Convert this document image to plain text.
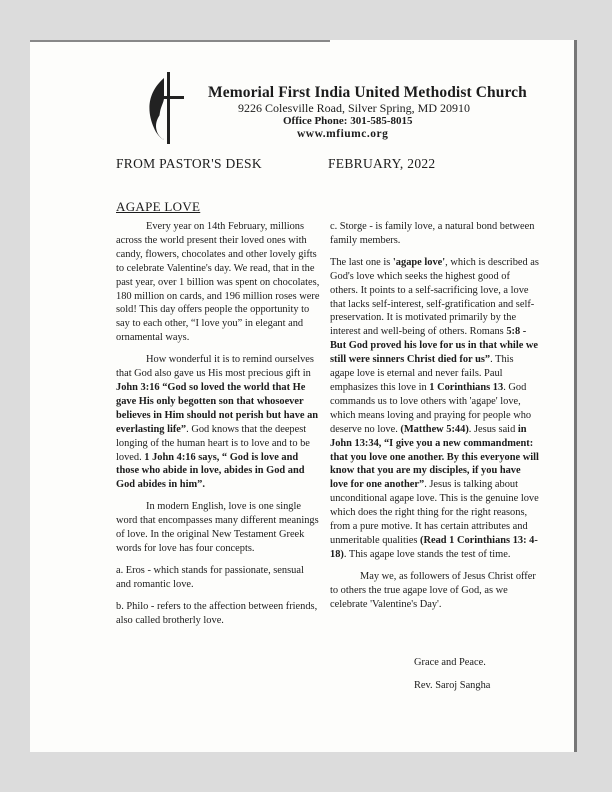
Memorial First India United Methodist Church
9226 Colesville Road, Silver Spring, MD 20910
Office Phone: 301-585-8015
www.mfiumc.org
FROM PASTOR'S DESK	FEBRUARY, 2022
AGAPE LOVE

Every year on 14th February, millions across the world present their loved ones with candy, flowers, chocolates and other lovely gifts to celebrate Valentine's day. We read, that in the past year, over 1 billion was spent on chocolates, 180 million on cards, and 196 million roses were sold! This day offers people the opportunity to say to each other, “I love you” in elegant and ornamental ways.

How wonderful it is to remind ourselves that God also gave us His most precious gift in John 3:16 “God so loved the world that He gave His only begotten son that whosoever believes in Him should not perish but have an everlasting life”. God knows that the deepest longing of the human heart is to love and to be loved. 1 John 4:16 says, “ God is love and those who abide in love, abides in God and God abides in him”.

In modern English, love is one single word that encompasses many different meanings of love. In the original New Testament Greek words for love has four concepts.

a. Eros - which stands for passionate, sensual and romantic love.

b. Philo - refers to the affection between friends, also called brotherly love.

c. Storge - is family love, a natural bond between family members.

The last one is 'agape love', which is described as God's love which seeks the highest good of others. It points to a self-sacrificing love, a love that lacks self-interest, self-gratification and self-preservation. It is motivated primarily by the interest and well-being of others. Romans 5:8 - But God proved his love for us in that while we still were sinners Christ died for us”. This agape love is eternal and never fails. Paul emphasizes this love in 1 Corinthians 13. God commands us to love others with 'agape' love, which means loving and praying for people who deserve no love. (Matthew 5:44). Jesus said in John 13:34, “I give you a new commandment: that you love one another. By this everyone will know that you are my disciples, if you have love for one another”. Jesus is talking about unconditional agape love. This is the genuine love which does the right thing for the right reasons, from a pure motive. It has certain attributes and unmeritable qualities (Read 1 Corinthians 13: 4-18). This agape love stands the test of time.

May we, as followers of Jesus Christ offer to others the true agape love of God, as we celebrate 'Valentine's Day'.

Grace and Peace.
Rev. Saroj Sangha
